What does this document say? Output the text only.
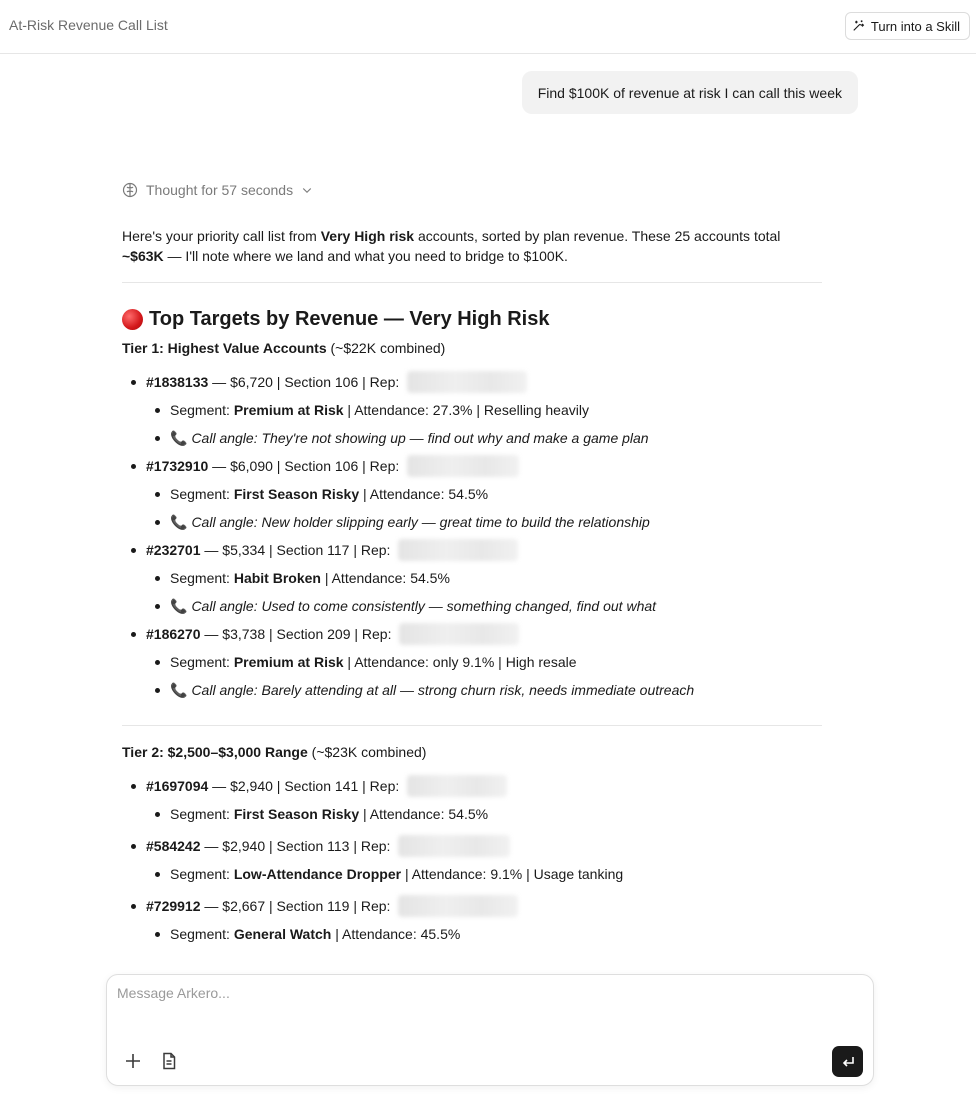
At-Risk Revenue Call List	Turn into a Skill
Find $100K of revenue at risk I can call this week
Thought for 57 seconds

Here's your priority call list from Very High risk accounts, sorted by plan revenue. These 25 accounts total ~$63K — I'll note where we land and what you need to bridge to $100K.

Top Targets by Revenue — Very High Risk
Tier 1: Highest Value Accounts (~$22K combined)
#1838133 — $6,720 | Section 106 | Rep:
Segment: Premium at Risk | Attendance: 27.3% | Reselling heavily
📞 Call angle: They're not showing up — find out why and make a game plan
#1732910 — $6,090 | Section 106 | Rep:
Segment: First Season Risky | Attendance: 54.5%
📞 Call angle: New holder slipping early — great time to build the relationship
#232701 — $5,334 | Section 117 | Rep:
Segment: Habit Broken | Attendance: 54.5%
📞 Call angle: Used to come consistently — something changed, find out what
#186270 — $3,738 | Section 209 | Rep:
Segment: Premium at Risk | Attendance: only 9.1% | High resale
📞 Call angle: Barely attending at all — strong churn risk, needs immediate outreach
Tier 2: $2,500–$3,000 Range (~$23K combined)
#1697094 — $2,940 | Section 141 | Rep:
Segment: First Season Risky | Attendance: 54.5%
#584242 — $2,940 | Section 113 | Rep:
Segment: Low-Attendance Dropper | Attendance: 9.1% | Usage tanking
#729912 — $2,667 | Section 119 | Rep:
Segment: General Watch | Attendance: 45.5%
Message Arkero...
